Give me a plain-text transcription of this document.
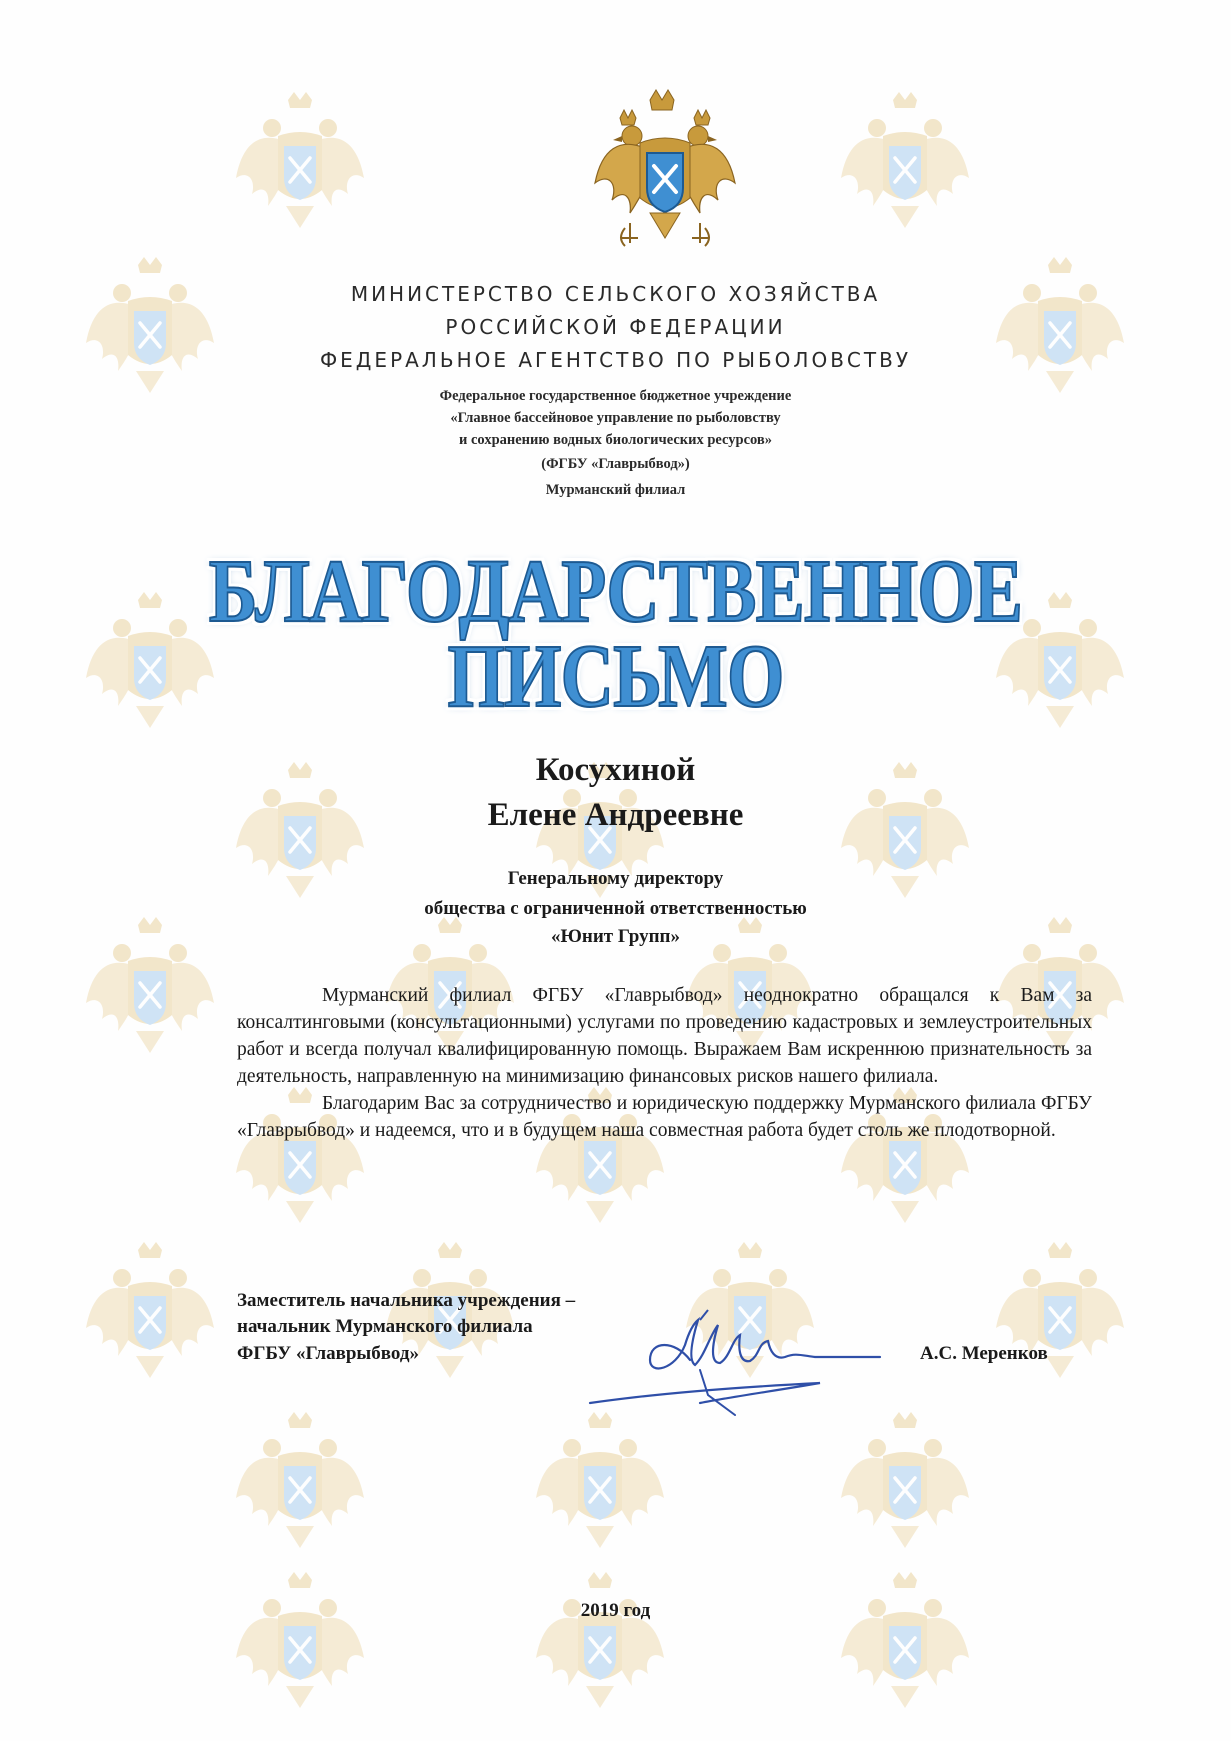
МИНИСТЕРСТВО СЕЛЬСКОГО ХОЗЯЙСТВА
РОССИЙСКОЙ ФЕДЕРАЦИИ
ФЕДЕРАЛЬНОЕ АГЕНТСТВО ПО РЫБОЛОВСТВУ
Федеральное государственное бюджетное учреждение
«Главное бассейновое управление по рыболовству
и сохранению водных биологических ресурсов»
(ФГБУ «Главрыбвод»)
Мурманский филиал
БЛАГОДАРСТВЕННОЕ
ПИСЬМО
Косухиной
Елене Андреевне
Генеральному директору
общества с ограниченной ответственностью
«Юнит Групп»

Мурманский филиал ФГБУ «Главрыбвод» неоднократно обращался к Вам за консалтинговыми (консультационными) услугами по проведению кадастровых и землеустроительных работ и всегда получал квалифицированную помощь. Выражаем Вам искреннюю признательность за деятельность, направленную на минимизацию финансовых рисков нашего филиала.

Благодарим Вас за сотрудничество и юридическую поддержку Мурманского филиала ФГБУ «Главрыбвод» и надеемся, что и в будущем наша совместная работа будет столь же плодотворной.

Заместитель начальника учреждения –
начальник Мурманского филиала
ФГБУ «Главрыбвод»	А.С. Меренков
2019 год
